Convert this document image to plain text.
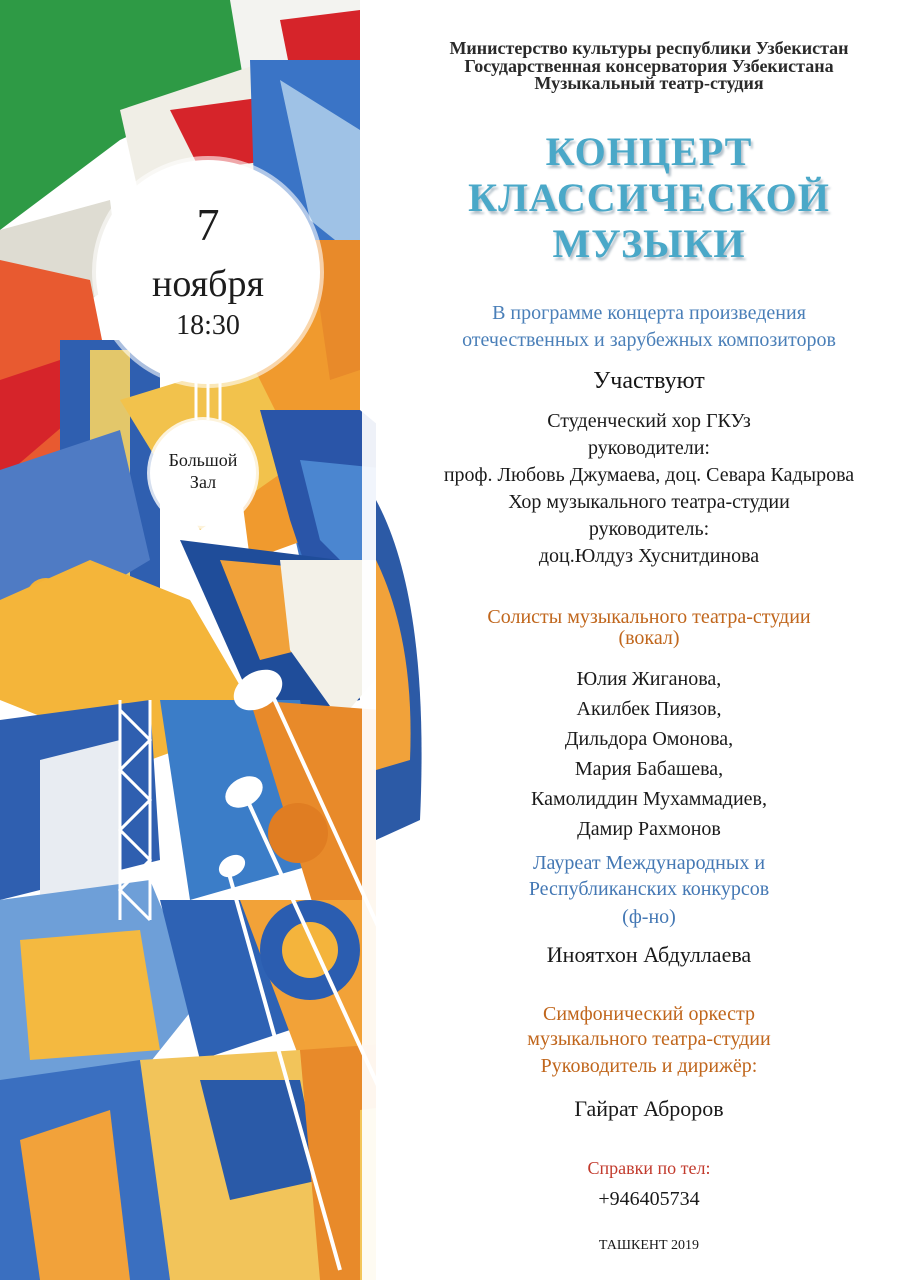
7
ноября
18:30
Большой
Зал
Министерство культуры республики Узбекистан
Государственная консерватория Узбекистана
Музыкальный театр-студия
КОНЦЕРТ
КЛАССИЧЕСКОЙ
МУЗЫКИ
В программе концерта произведения
отечественных и зарубежных композиторов
Участвуют
Студенческий хор ГКУз
руководители:
проф. Любовь Джумаева, доц. Севара Кадырова
Хор музыкального театра-студии
руководитель:
доц.Юлдуз Хуснитдинова
Солисты музыкального театра-студии
(вокал)
Юлия Жиганова,
Акилбек Пиязов,
Дильдора Омонова,
Мария Бабашева,
Камолиддин Мухаммадиев,
Дамир Рахмонов
Лауреат Международных и
Республиканских конкурсов
(ф-но)
Иноятхон Абдуллаева
Симфонический оркестр
музыкального театра-студии
Руководитель и дирижёр:
Гайрат Аброров
Справки по тел:
+946405734
ТАШКЕНТ 2019
